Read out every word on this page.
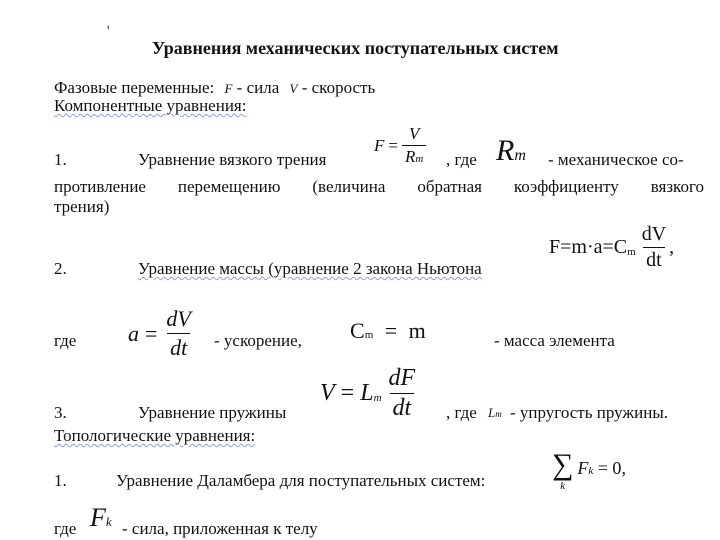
'
Уравнения механических поступательных систем
Фазовые переменные: F - сила V - скорость
Компонентные уравнения:
1.	Уравнение вязкого трения
$F = \frac{V}{Rm}$ , где Rm - механическое со-
противление перемещению (величина обратная коэффициенту вязкого
трения)
2.	Уравнение массы (уравнение 2 закона Ньютона
F=m·a=C m $\frac{dV}{dt}$ ,
где $a = \frac{dV}{dt}$ - ускорение, Cm = m	- масса элемента
3.	Уравнение пружины
V = L m $\frac{dF}{dt}$ , где Lm - упругость пружины.
Топологические уравнения:
1.	Уравнение Даламбера для поступательных систем: ∑
k
Fk = 0,
где Fk - сила, приложенная к телу
